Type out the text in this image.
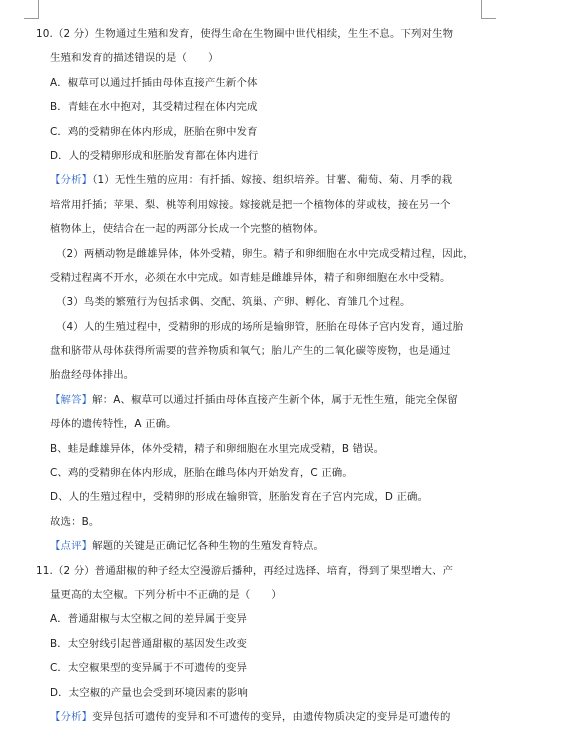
10.（2 分）生物通过生殖和发育，使得生命在生物圈中世代相续，生生不息。下列对生物
生殖和发育的描述错误的是（　　）
A．椒草可以通过扦插由母体直接产生新个体
B．青蛙在水中抱对，其受精过程在体内完成
C．鸡的受精卵在体内形成，胚胎在卵中发育
D．人的受精卵形成和胚胎发育都在体内进行
【分析】（1）无性生殖的应用：有扦插、嫁接、组织培养。甘薯、葡萄、菊、月季的栽
培常用扦插；苹果、梨、桃等利用嫁接。嫁接就是把一个植物体的芽或枝，接在另一个
植物体上，使结合在一起的两部分长成一个完整的植物体。
（2）两栖动物是雌雄异体，体外受精，卵生。精子和卵细胞在水中完成受精过程，因此，
受精过程离不开水，必须在水中完成。如青蛙是雌雄异体，精子和卵细胞在水中受精。
（3）鸟类的繁殖行为包括求偶、交配、筑巢、产卵、孵化、育雏几个过程。
（4）人的生殖过程中，受精卵的形成的场所是输卵管，胚胎在母体子宫内发育，通过胎
盘和脐带从母体获得所需要的营养物质和氧气；胎儿产生的二氧化碳等废物，也是通过
胎盘经母体排出。
【解答】解：A、椒草可以通过扦插由母体直接产生新个体，属于无性生殖，能完全保留
母体的遗传特性，A 正确。
B、蛙是雌雄异体，体外受精，精子和卵细胞在水里完成受精，B 错误。
C、鸡的受精卵在体内形成，胚胎在雌鸟体内开始发育，C 正确。
D、人的生殖过程中，受精卵的形成在输卵管，胚胎发育在子宫内完成，D 正确。
故选：B。
【点评】解题的关键是正确记忆各种生物的生殖发育特点。
11.（2 分）普通甜椒的种子经太空漫游后播种，再经过选择、培育，得到了果型增大、产
量更高的太空椒。下列分析中不正确的是（　　）
A．普通甜椒与太空椒之间的差异属于变异
B．太空射线引起普通甜椒的基因发生改变
C．太空椒果型的变异属于不可遗传的变异
D．太空椒的产量也会受到环境因素的影响
【分析】变异包括可遗传的变异和不可遗传的变异，由遗传物质决定的变异是可遗传的
